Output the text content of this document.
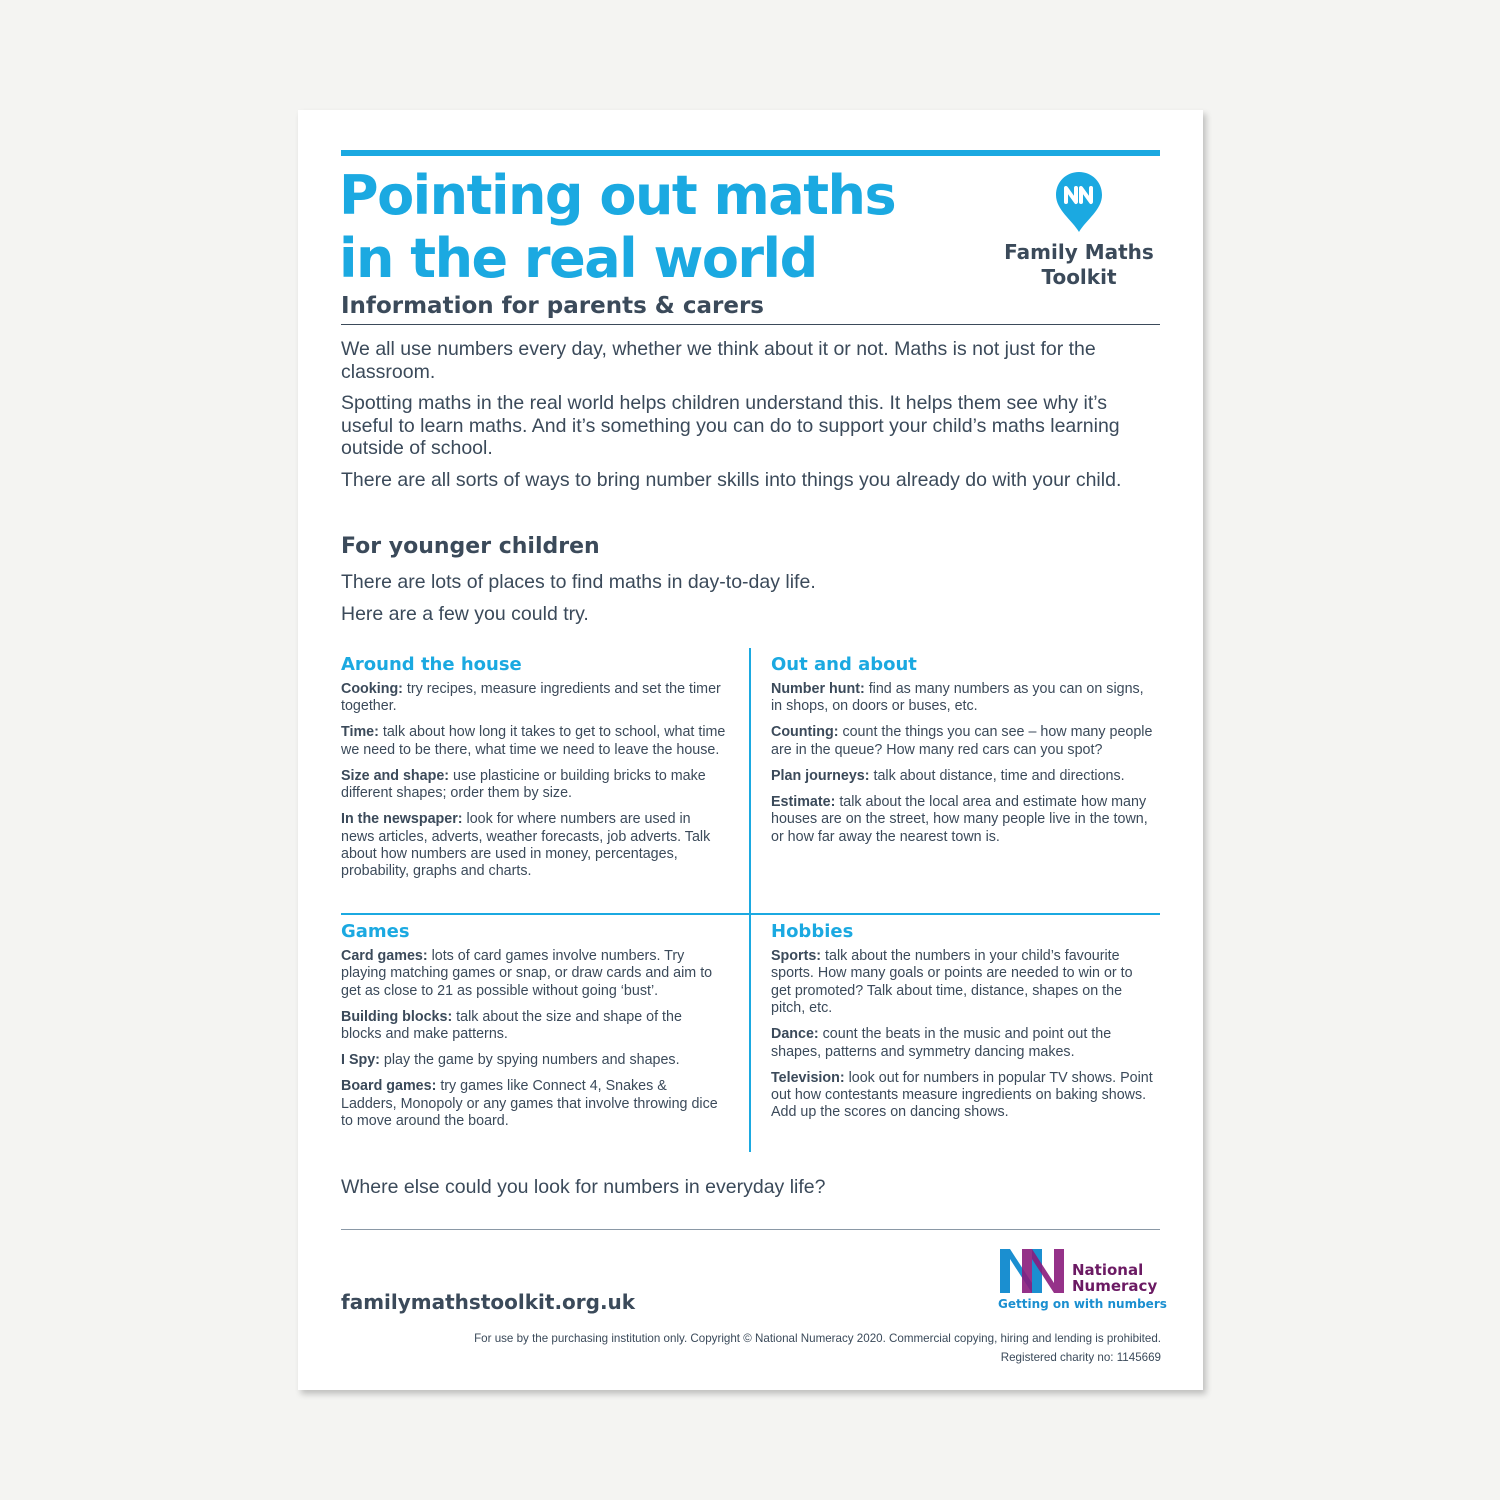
Pointing out maths
in the real world	Family Maths
Toolkit
Information for parents & carers

We all use numbers every day, whether we think about it or not. Maths is not just for the classroom.

Spotting maths in the real world helps children understand this. It helps them see why it’s useful to learn maths. And it’s something you can do to support your child’s maths learning outside of school.

There are all sorts of ways to bring number skills into things you already do with your child.

For younger children

There are lots of places to find maths in day-to-day life.

Here are a few you could try.

Around the house

Cooking: try recipes, measure ingredients and set the timer together.

Time: talk about how long it takes to get to school, what time we need to be there, what time we need to leave the house.

Size and shape: use plasticine or building bricks to make different shapes; order them by size.

In the newspaper: look for where numbers are used in news articles, adverts, weather forecasts, job adverts. Talk about how numbers are used in money, percentages, probability, graphs and charts.

Out and about

Number hunt: find as many numbers as you can on signs, in shops, on doors or buses, etc.

Counting: count the things you can see – how many people are in the queue? How many red cars can you spot?

Plan journeys: talk about distance, time and directions.

Estimate: talk about the local area and estimate how many houses are on the street, how many people live in the town, or how far away the nearest town is.

Games

Card games: lots of card games involve numbers. Try playing matching games or snap, or draw cards and aim to get as close to 21 as possible without going ‘bust’.

Building blocks: talk about the size and shape of the blocks and make patterns.

I Spy: play the game by spying numbers and shapes.

Board games: try games like Connect 4, Snakes & Ladders, Monopoly or any games that involve throwing dice to move around the board.

Hobbies

Sports: talk about the numbers in your child’s favourite sports. How many goals or points are needed to win or to get promoted? Talk about time, distance, shapes on the pitch, etc.

Dance: count the beats in the music and point out the shapes, patterns and symmetry dancing makes.

Television: look out for numbers in popular TV shows. Point out how contestants measure ingredients on baking shows. Add up the scores on dancing shows.

Where else could you look for numbers in everyday life?

familymathstoolkit.org.uk
National
Numeracy
Getting on with numbers
For use by the purchasing institution only. Copyright © National Numeracy 2020. Commercial copying, hiring and lending is prohibited.
Registered charity no: 1145669
